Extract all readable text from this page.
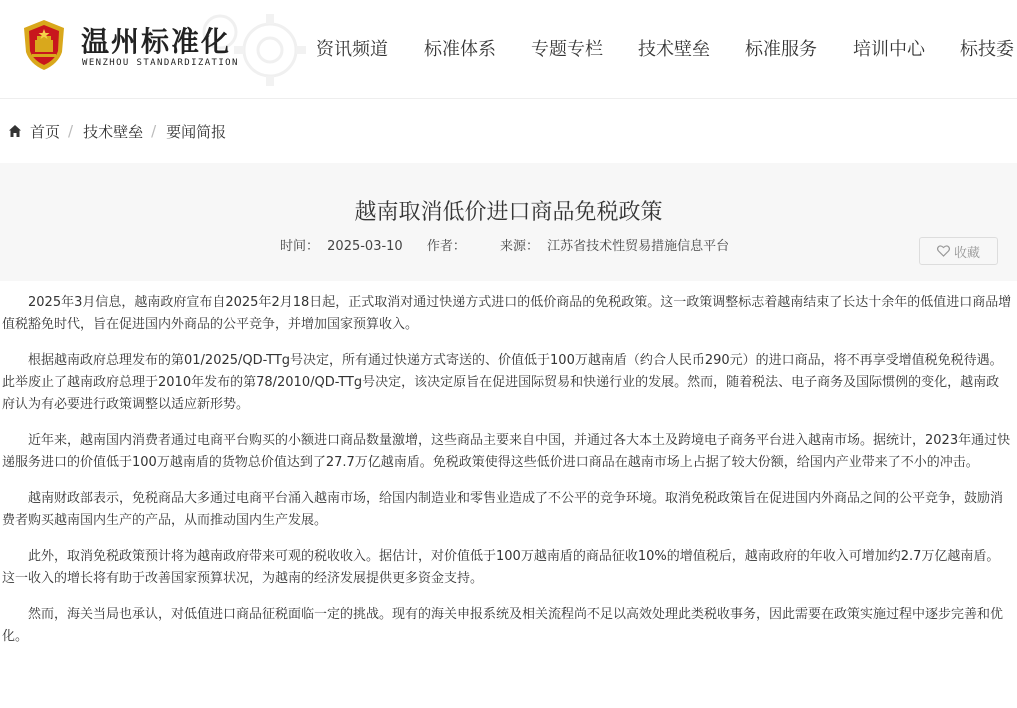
温州标准化
WENZHOU STANDARDIZATION
资讯频道 标准体系 专题专栏 技术壁垒 标准服务 培训中心 标技委
首页 / 技术壁垒 / 要闻简报
越南取消低价进口商品免税政策
时间： 2025-03-10 作者：	来源： 江苏省技术性贸易措施信息平台	收藏

2025年3月信息，越南政府宣布自2025年2月18日起，正式取消对通过快递方式进口的低价商品的免税政策。这一政策调整标志着越南结束了长达十余年的低值进口商品增值税豁免时代，旨在促进国内外商品的公平竞争，并增加国家预算收入。

根据越南政府总理发布的第01/2025/QD-TTg号决定，所有通过快递方式寄送的、价值低于100万越南盾（约合人民币290元）的进口商品，将不再享受增值税免税待遇。此举废止了越南政府总理于2010年发布的第78/2010/QD-TTg号决定，该决定原旨在促进国际贸易和快递行业的发展。然而，随着税法、电子商务及国际惯例的变化，越南政府认为有必要进行政策调整以适应新形势。

近年来，越南国内消费者通过电商平台购买的小额进口商品数量激增，这些商品主要来自中国，并通过各大本土及跨境电子商务平台进入越南市场。据统计，2023年通过快递服务进口的价值低于100万越南盾的货物总价值达到了27.7万亿越南盾。免税政策使得这些低价进口商品在越南市场上占据了较大份额，给国内产业带来了不小的冲击。

越南财政部表示，免税商品大多通过电商平台涌入越南市场，给国内制造业和零售业造成了不公平的竞争环境。取消免税政策旨在促进国内外商品之间的公平竞争，鼓励消费者购买越南国内生产的产品，从而推动国内生产发展。

此外，取消免税政策预计将为越南政府带来可观的税收收入。据估计，对价值低于100万越南盾的商品征收10%的增值税后，越南政府的年收入可增加约2.7万亿越南盾。这一收入的增长将有助于改善国家预算状况，为越南的经济发展提供更多资金支持。

然而，海关当局也承认，对低值进口商品征税面临一定的挑战。现有的海关申报系统及相关流程尚不足以高效处理此类税收事务，因此需要在政策实施过程中逐步完善和优化。
